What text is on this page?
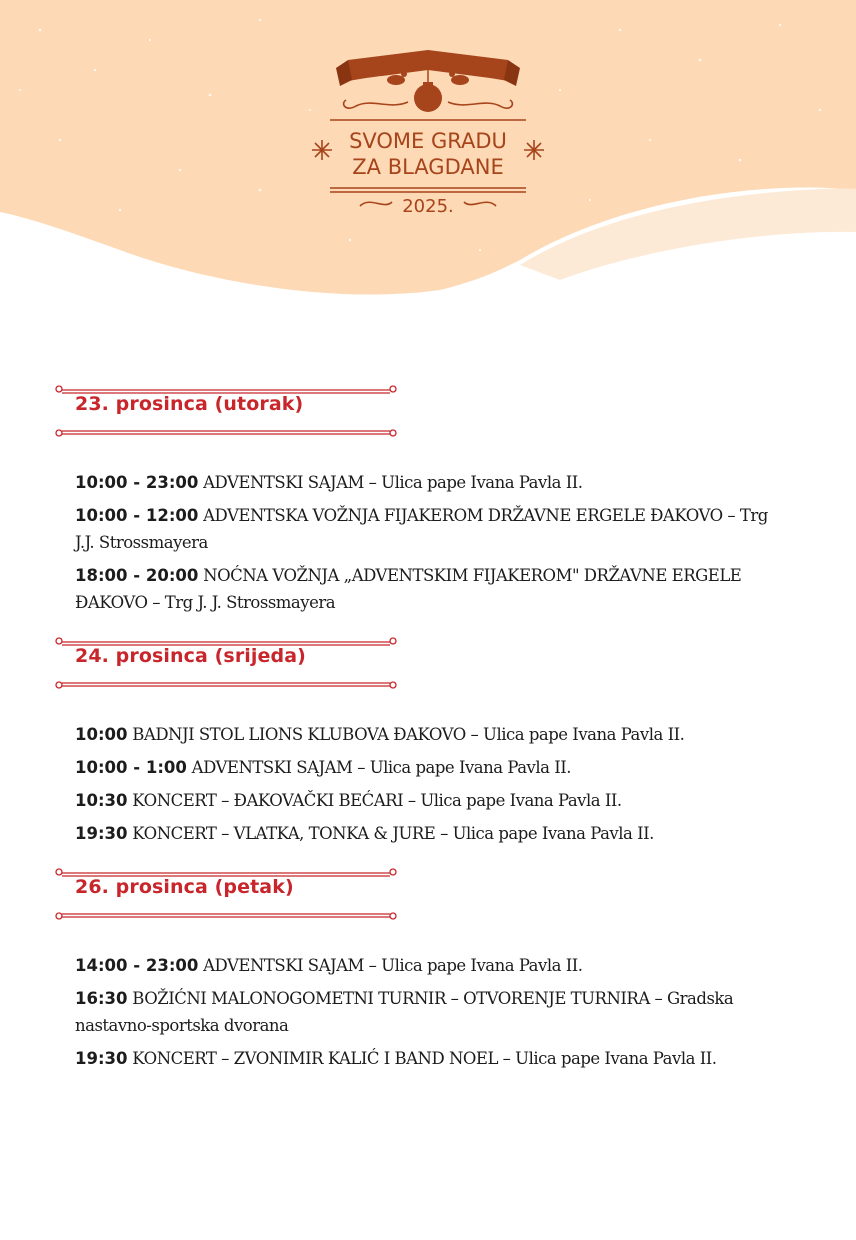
SVOME GRADU
ZA BLAGDANE
2025.
23. prosinca (utorak)
10:00 - 23:00 ADVENTSKI SAJAM – Ulica pape Ivana Pavla II.
10:00 - 12:00 ADVENTSKA VOŽNJA FIJAKEROM DRŽAVNE ERGELE ĐAKOVO – Trg J.J. Strossmayera
18:00 - 20:00 NOĆNA VOŽNJA „ADVENTSKIM FIJAKEROM" DRŽAVNE ERGELE ĐAKOVO – Trg J. J. Strossmayera
24. prosinca (srijeda)
10:00 BADNJI STOL LIONS KLUBOVA ĐAKOVO – Ulica pape Ivana Pavla II.
10:00 - 1:00 ADVENTSKI SAJAM – Ulica pape Ivana Pavla II.
10:30 KONCERT – ĐAKOVAČKI BEĆARI – Ulica pape Ivana Pavla II.
19:30 KONCERT – VLATKA, TONKA & JURE – Ulica pape Ivana Pavla II.
26. prosinca (petak)
14:00 - 23:00 ADVENTSKI SAJAM – Ulica pape Ivana Pavla II.
16:30 BOŽIĆNI MALONOGOMETNI TURNIR – OTVORENJE TURNIRA – Gradska nastavno-sportska dvorana
19:30 KONCERT – ZVONIMIR KALIĆ I BAND NOEL – Ulica pape Ivana Pavla II.
